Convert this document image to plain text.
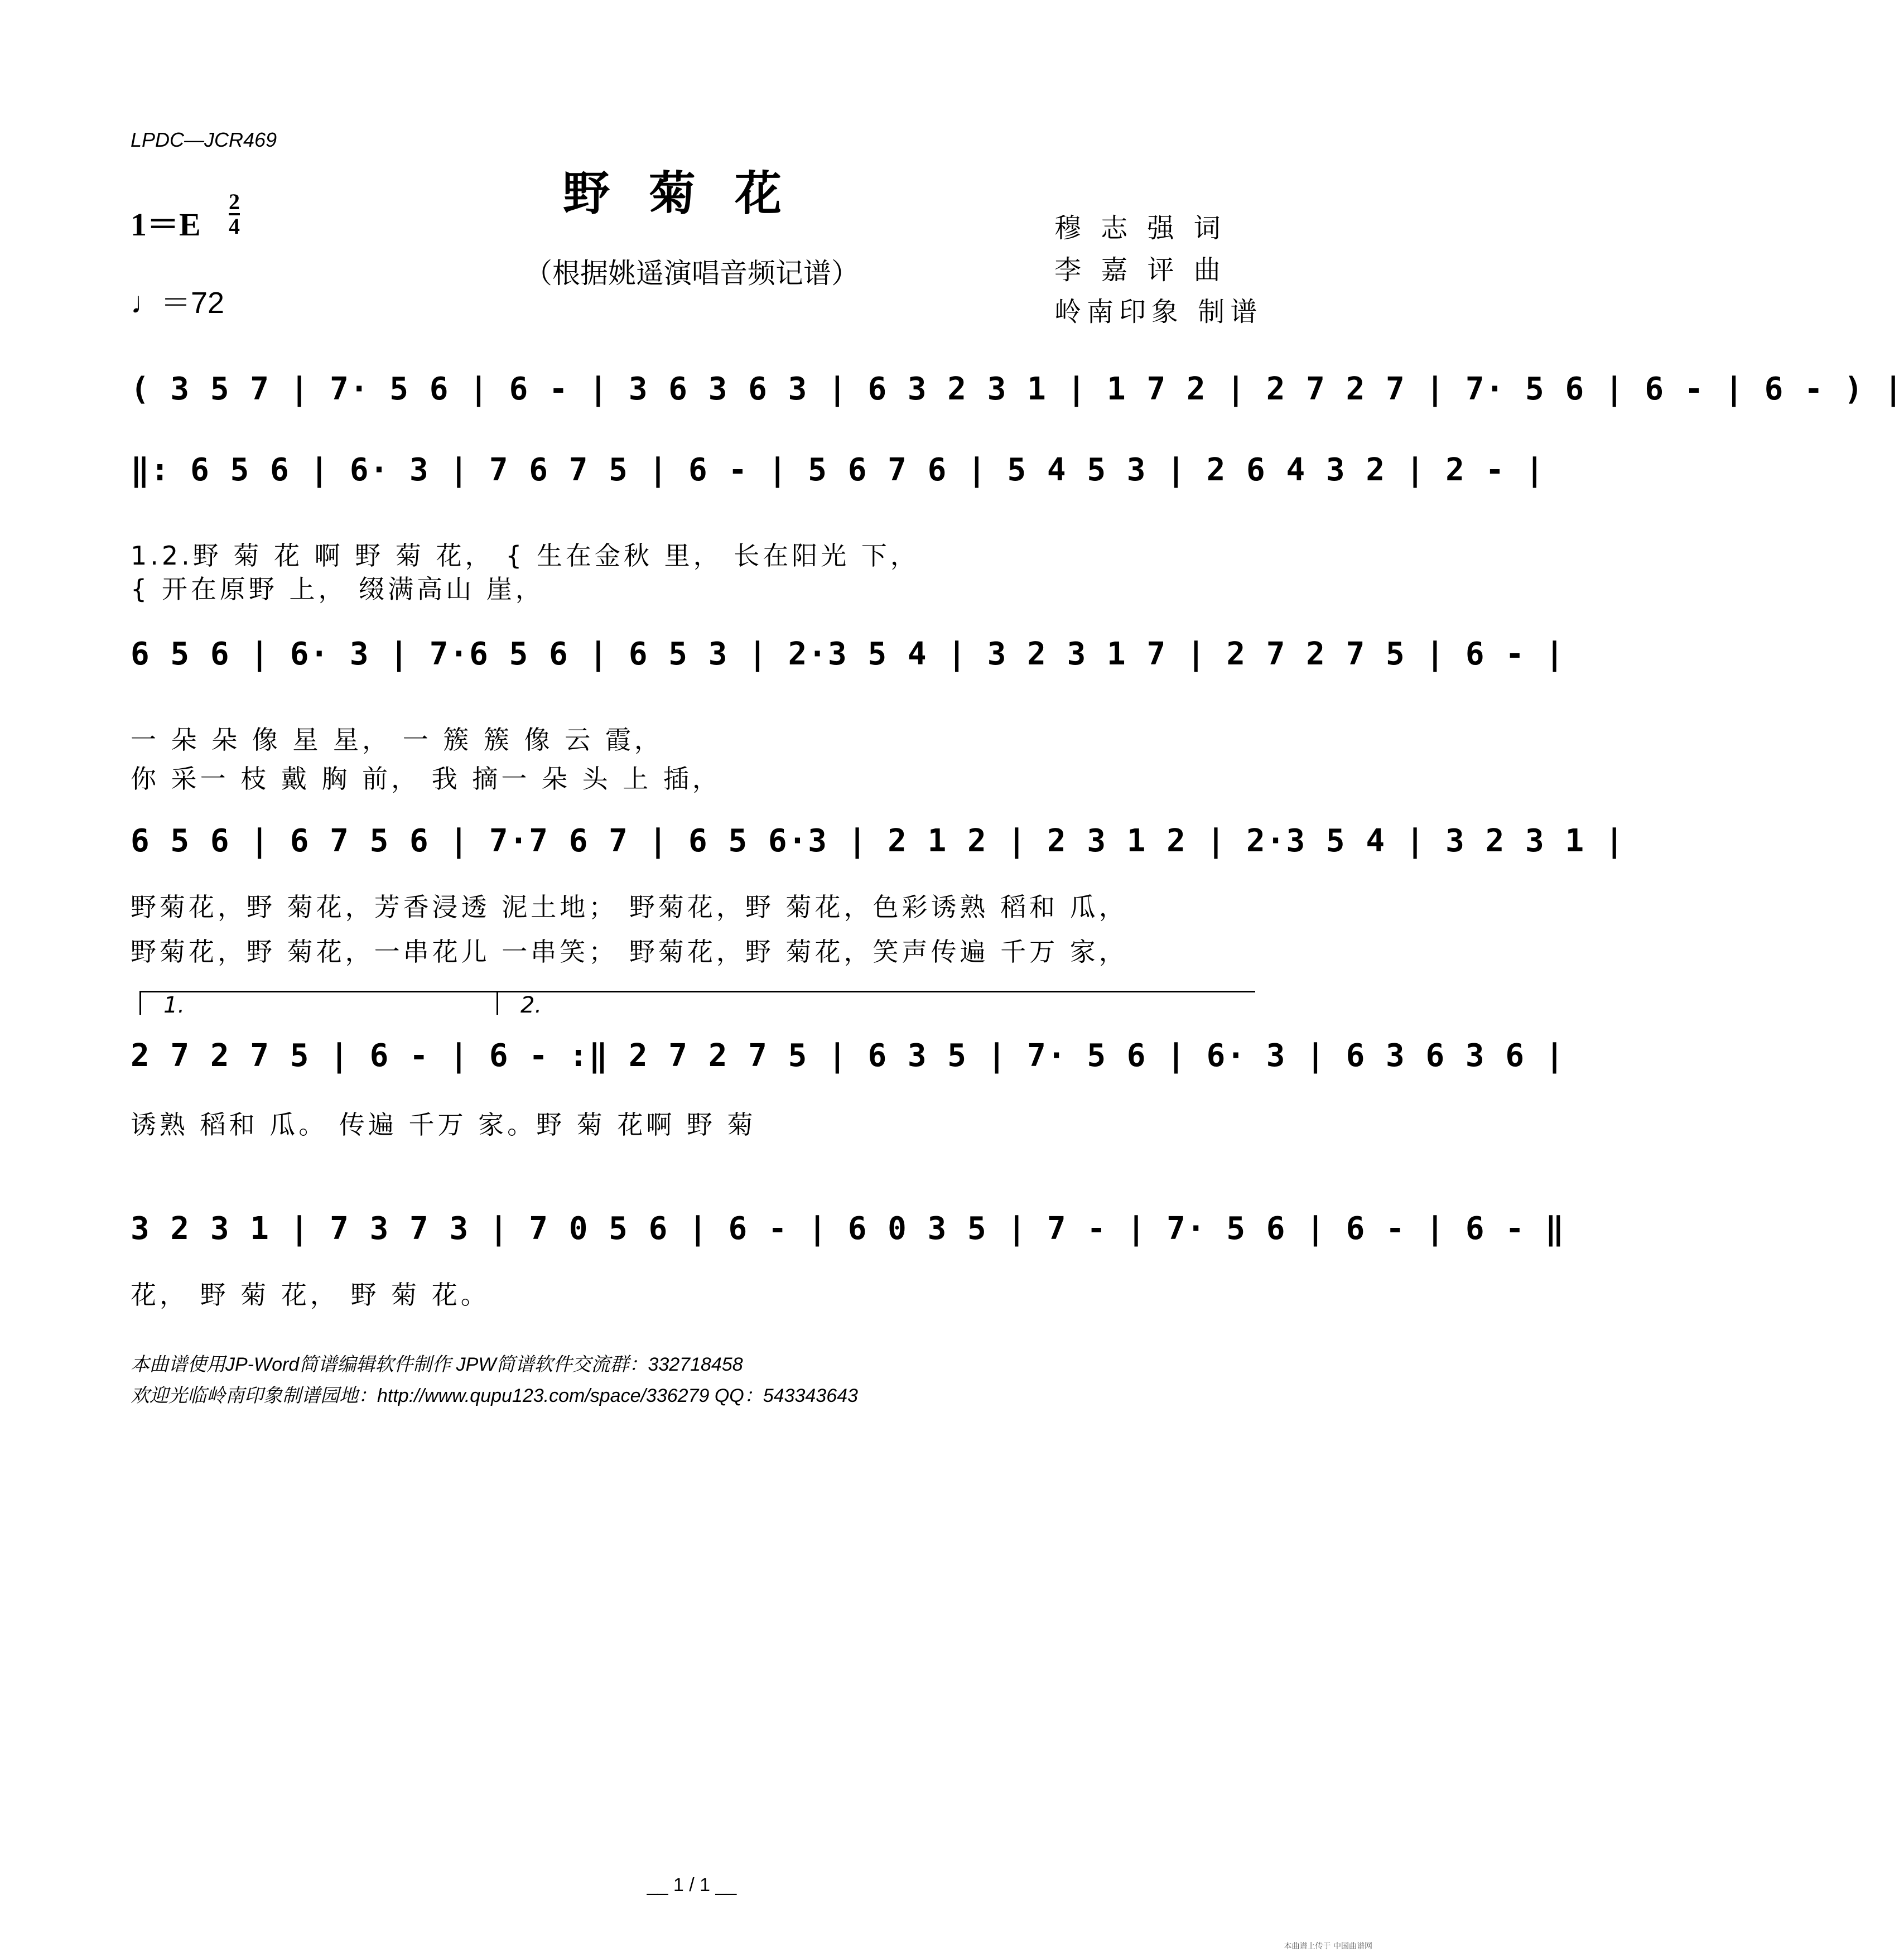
LPDC—JCR469
野菊花
1＝E
2
4
（根据姚遥演唱音频记谱）
♩＝72
穆 志 强 词
李 嘉 评 曲
岭南印象 制谱
( 3 5 7 | 7· 5 6 | 6 - | 3 6 3 6 3 | 6 3 2 3 1 | 1 7 2 | 2 7 2 7 | 7· 5 6 | 6 - | 6 - ) |
‖: 6 5 6 | 6· 3 | 7 6 7 5 | 6 - | 5 6 7 6 | 5 4 5 3 | 2 6 4 3 2 | 2 - |
1.2.野 菊 花 啊 野 菊 花， { 生在金秋 里， 长在阳光 下，
{ 开在原野 上， 缀满高山 崖，
6 5 6 | 6· 3 | 7·6 5 6 | 6 5 3 | 2·3 5 4 | 3 2 3 1 7 | 2 7 2 7 5 | 6 - |
一 朵 朵 像 星 星， 一 簇 簇 像 云 霞，
你 采一 枝 戴 胸 前， 我 摘一 朵 头 上 插，
6 5 6 | 6 7 5 6 | 7·7 6 7 | 6 5 6·3 | 2 1 2 | 2 3 1 2 | 2·3 5 4 | 3 2 3 1 |
野菊花，野 菊花，芳香浸透 泥土地； 野菊花，野 菊花，色彩诱熟 稻和 瓜，
野菊花，野 菊花，一串花儿 一串笑； 野菊花，野 菊花，笑声传遍 千万 家，
1.	2.
2 7 2 7 5 | 6 - | 6 - :‖ 2 7 2 7 5 | 6 3 5 | 7· 5 6 | 6· 3 | 6 3 6 3 6 |
诱熟 稻和 瓜。 传遍 千万 家。野 菊 花啊 野 菊
3 2 3 1 | 7 3 7 3 | 7 0 5 6 | 6 - | 6 0 3 5 | 7 - | 7· 5 6 | 6 - | 6 - ‖
花， 野 菊 花， 野 菊 花。
本曲谱使用JP-Word简谱编辑软件制作 JPW简谱软件交流群：332718458
欢迎光临岭南印象制谱园地：http://www.qupu123.com/space/336279 QQ：543343643
__ 1 / 1 __
本曲谱上传于 中国曲谱网
